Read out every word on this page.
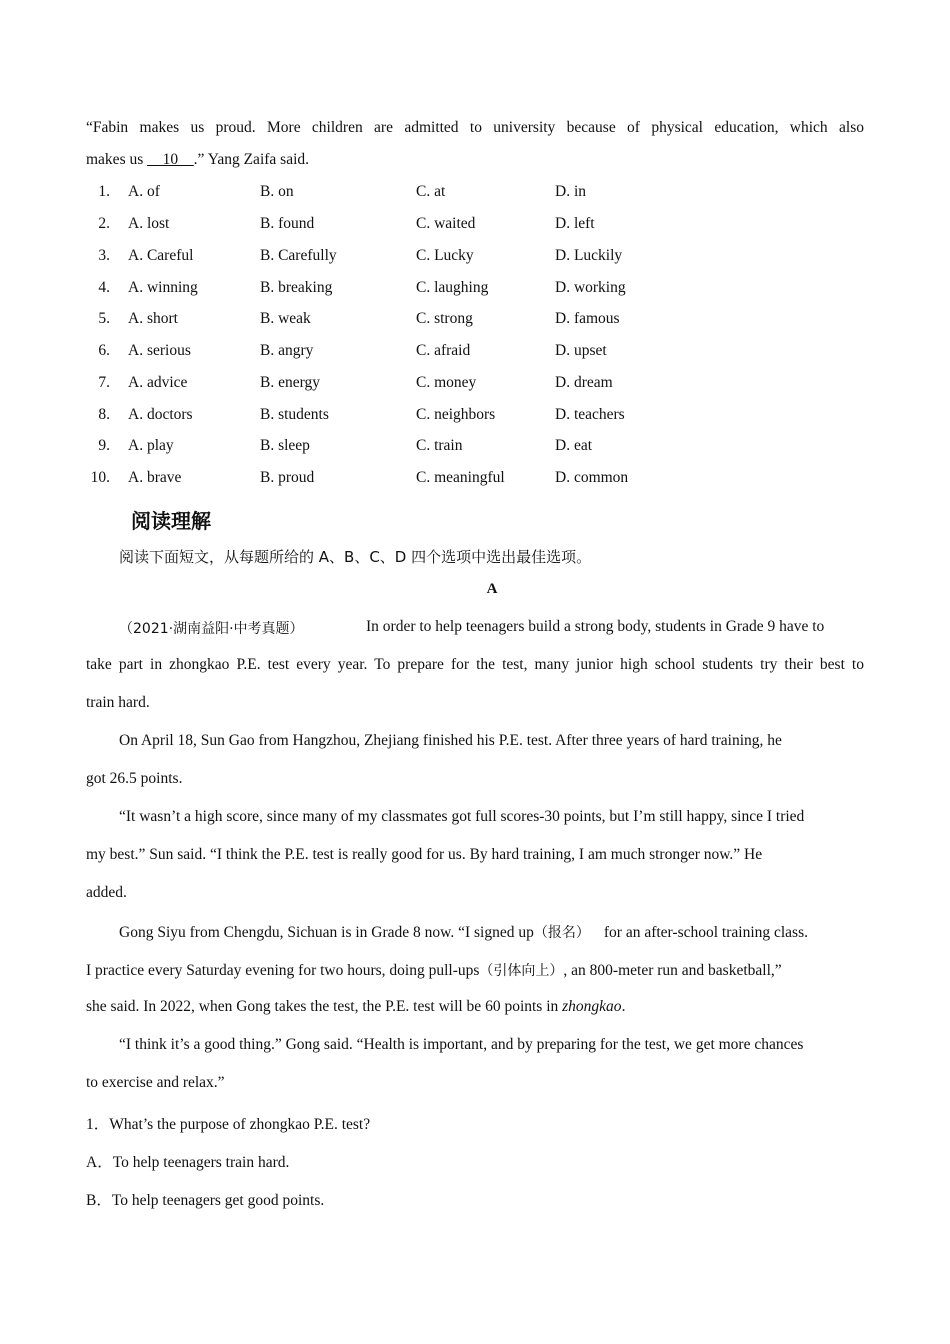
“Fabin makes us proud. More children are admitted to university because of physical education, which also
makes us __10__.” Yang Zaifa said.
1. A. of	B. on	C. at	D. in
2. A. lost	B. found	C. waited	D. left
3. A. Careful	B. Carefully	C. Lucky	D. Luckily
4. A. winning	B. breaking	C. laughing	D. working
5. A. short	B. weak	C. strong	D. famous
6. A. serious	B. angry	C. afraid	D. upset
7. A. advice	B. energy	C. money	D. dream
8. A. doctors	B. students	C. neighbors	D. teachers
9. A. play	B. sleep	C. train	D. eat
10. A. brave	B. proud	C. meaningful	D. common
阅读理解
阅读下面短文，从每题所给的 A、B、C、D 四个选项中选出最佳选项。
A
（2021·湖南益阳·中考真题）	In order to help teenagers build a strong body, students in Grade 9 have to
take part in zhongkao P.E. test every year. To prepare for the test, many junior high school students try their best to
train hard.
On April 18, Sun Gao from Hangzhou, Zhejiang finished his P.E. test. After three years of hard training, he
got 26.5 points.
“It wasn’t a high score, since many of my classmates got full scores-30 points, but I’m still happy, since I tried
my best.” Sun said. “I think the P.E. test is really good for us. By hard training, I am much stronger now.” He
added.
Gong Siyu from Chengdu, Sichuan is in Grade 8 now. “I signed up（报名） for an after-school training class.
I practice every Saturday evening for two hours, doing pull-ups（引体向上）, an 800-meter run and basketball,”
she said. In 2022, when Gong takes the test, the P.E. test will be 60 points in zhongkao.
“I think it’s a good thing.” Gong said. “Health is important, and by preparing for the test, we get more chances
to exercise and relax.”
1．What’s the purpose of zhongkao P.E. test?
A．To help teenagers train hard.
B．To help teenagers get good points.
